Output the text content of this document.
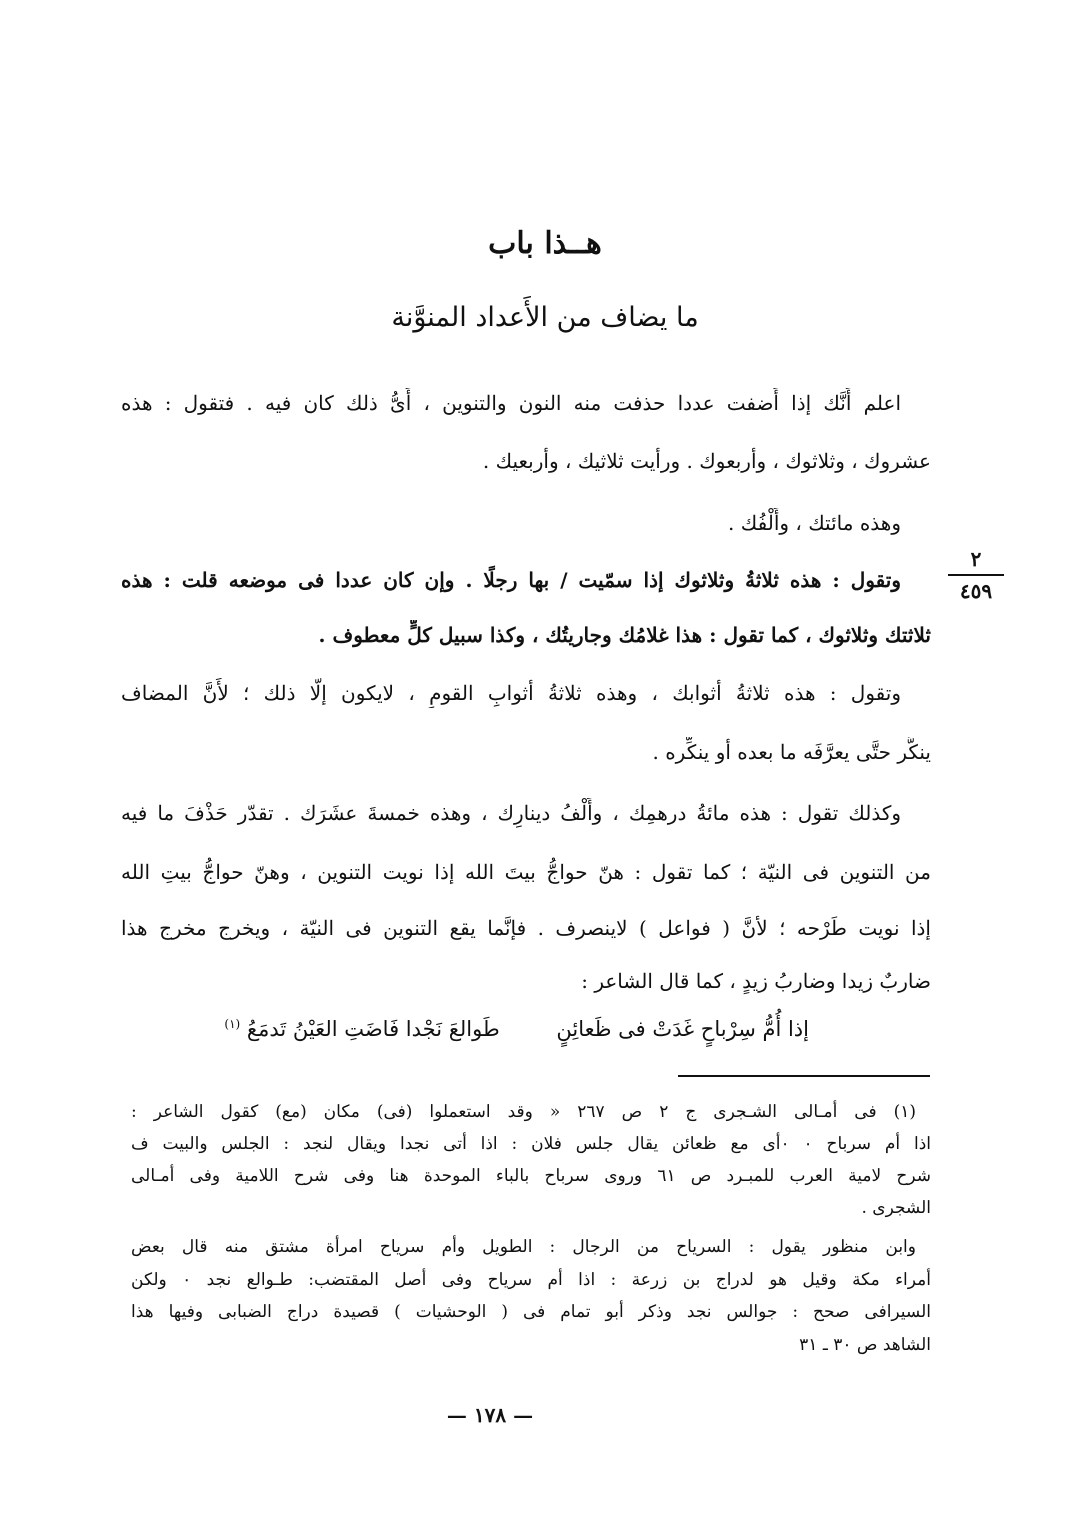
هــذا باب
ما يضاف من الأَعداد المنوَّنة
اعلم أَنَّك إذا أَضفت عددا حذفت منه النون والتنوين ، أَىُّ ذلك كان فيه . فتقول : هذه
عشروك ، وثلاثوك ، وأربعوك . ورأيت ثلاثيك ، وأربعيك .
وهذه مائتك ، وأَلْفُك .
وتقول : هذه ثلاثةُ وثلاثوك إذا سمّيت / بها رجلًا . وإن كان عددا فى موضعه قلت : هذه
ثلاثتك وثلاثوك ، كما تقول : هذا غلامُك وجاريتُك ، وكذا سبيل كلٍّ معطوف .
وتقول : هذه ثلاثةُ أثوابك ، وهذه ثلاثةُ أثوابِ القومِ ، لايكون إلَّا ذلك ؛ لأَنَّ المضاف
ينكَّر حتَّى يعرَّفَه ما بعده أو ينكِّره .
وكذلك تقول : هذه مائةُ درهمِك ، وأَلْفُ دينارِك ، وهذه خمسةَ عشَرَك . تقدّر حَذْفَ ما فيه
من التنوين فى النيّة ؛ كما تقول : هنّ حواجُّ بيتَ الله إذا نويت التنوين ، وهنّ حواجُّ بيتِ الله
إذا نويت طَرْحه ؛ لأنَّ ( فواعل ) لاينصرف . فإنَّما يقع التنوين فى النيّة ، ويخرج مخرج هذا
ضاربٌ زيدا وضاربُ زيدٍ ، كما قال الشاعر :
إذا أُمُّ سِرْباحٍ غَدَتْ فى ظَعائِنٍ طَوالعَ نَجْدا فَاضَتِ العَيْنُ تَدمَعُ (١)
٢
٤٥٩
(١) فى أمـالى الشـجرى ج ٢ ص ٢٦٧ « وقد استعملوا (فى) مكان (مع) كقول الشاعر :
اذا أم سرباح ٠ ٠أى مع ظعائن يقال جلس فلان : اذا أتى نجدا ويقال لنجد : الجلس والبيت ف
شرح لامية العرب للمبـرد ص ٦١ وروى سرباح بالباء الموحدة هنا وفى شرح اللامية وفى أمـالى
الشجرى .
وابن منظور يقول : السرياح من الرجال : الطويل وأم سرياح امرأة مشتق منه قال بعض
أمراء مكة وقيل هو لدراج بن زرعة : اذا أم سرياح وفى أصل المقتضب: طـوالع نجد ٠ ولكن
السيرافى صحح : جوالس نجد وذكر أبو تمام فى ( الوحشيات ) قصيدة دراج الضبابى وفيها هذا
الشاهد ص ٣٠ ـ ٣١
— ١٧٨ —
